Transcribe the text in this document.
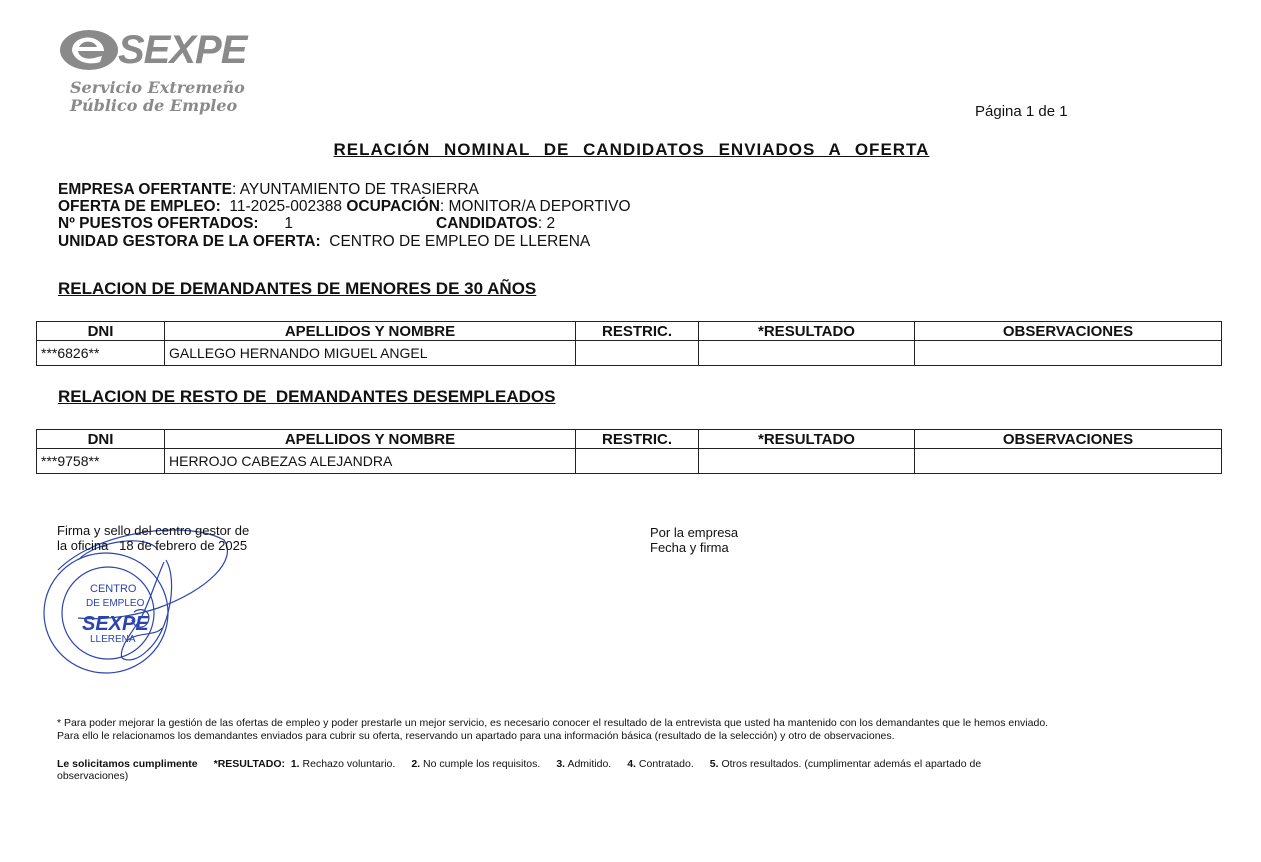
SEXPE
Servicio Extremeño
Público de Empleo	Página 1 de 1
RELACIÓN NOMINAL DE CANDIDATOS ENVIADOS A OFERTA
EMPRESA OFERTANTE: AYUNTAMIENTO DE TRASIERRA
OFERTA DE EMPLEO: 11-2025-002388 OCUPACIÓN: MONITOR/A DEPORTIVO
Nº PUESTOS OFERTADOS: 1	CANDIDATOS: 2
UNIDAD GESTORA DE LA OFERTA: CENTRO DE EMPLEO DE LLERENA
RELACION DE DEMANDANTES DE MENORES DE 30 AÑOS
DNI	APELLIDOS Y NOMBRE	RESTRIC.	*RESULTADO	OBSERVACIONES
***6826**	GALLEGO HERNANDO MIGUEL ANGEL			
RELACION DE RESTO DE  DEMANDANTES DESEMPLEADOS
DNI	APELLIDOS Y NOMBRE	RESTRIC.	*RESULTADO	OBSERVACIONES
***9758**	HERROJO CABEZAS ALEJANDRA			
CENTRO
DE EMPLEO
SEXPE
LLERENA
Firma y sello del centro gestor de
la oficina   18 de febrero de 2025
Por la empresa
Fecha y firma
* Para poder mejorar la gestión de las ofertas de empleo y poder prestarle un mejor servicio, es necesario conocer el resultado de la entrevista que usted ha mantenido con los demandantes que le hemos enviado.
Para ello le relacionamos los demandantes enviados para cubrir su oferta, reservando un apartado para una información básica (resultado de la selección) y otro de observaciones.
Le solicitamos cumplimente *RESULTADO: 1. Rechazo voluntario. 2. No cumple los requisitos. 3. Admitido. 4. Contratado. 5. Otros resultados. (cumplimentar además el apartado de
observaciones)
